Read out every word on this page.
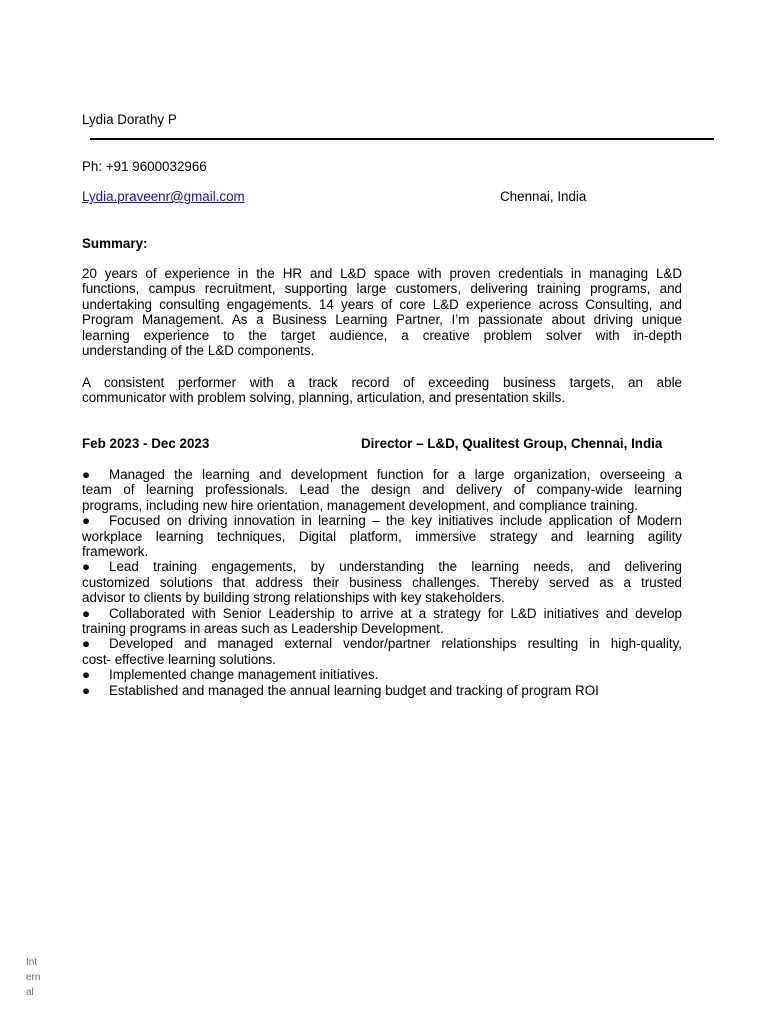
Lydia Dorathy P
Ph: +91 9600032966
Lydia.praveenr@gmail.com	Chennai, India
Summary:
20 years of experience in the HR and L&D space with proven credentials in managing L&D
functions, campus recruitment, supporting large customers, delivering training programs, and
undertaking consulting engagements. 14 years of core L&D experience across Consulting, and
Program Management. As a Business Learning Partner, I’m passionate about driving unique
learning experience to the target audience, a creative problem solver with in-depth
understanding of the L&D components.
A consistent performer with a track record of exceeding business targets, an able
communicator with problem solving, planning, articulation, and presentation skills.
Feb 2023 - Dec 2023	Director – L&D, Qualitest Group, Chennai, India
● Managed the learning and development function for a large organization, overseeing a
team of learning professionals. Lead the design and delivery of company-wide learning
programs, including new hire orientation, management development, and compliance training.
● Focused on driving innovation in learning – the key initiatives include application of Modern
workplace learning techniques, Digital platform, immersive strategy and learning agility
framework.
● Lead training engagements, by understanding the learning needs, and delivering
customized solutions that address their business challenges. Thereby served as a trusted
advisor to clients by building strong relationships with key stakeholders.
● Collaborated with Senior Leadership to arrive at a strategy for L&D initiatives and develop
training programs in areas such as Leadership Development.
● Developed and managed external vendor/partner relationships resulting in high-quality,
cost- effective learning solutions.
● Implemented change management initiatives.
● Established and managed the annual learning budget and tracking of program ROI
Int
ern
al
